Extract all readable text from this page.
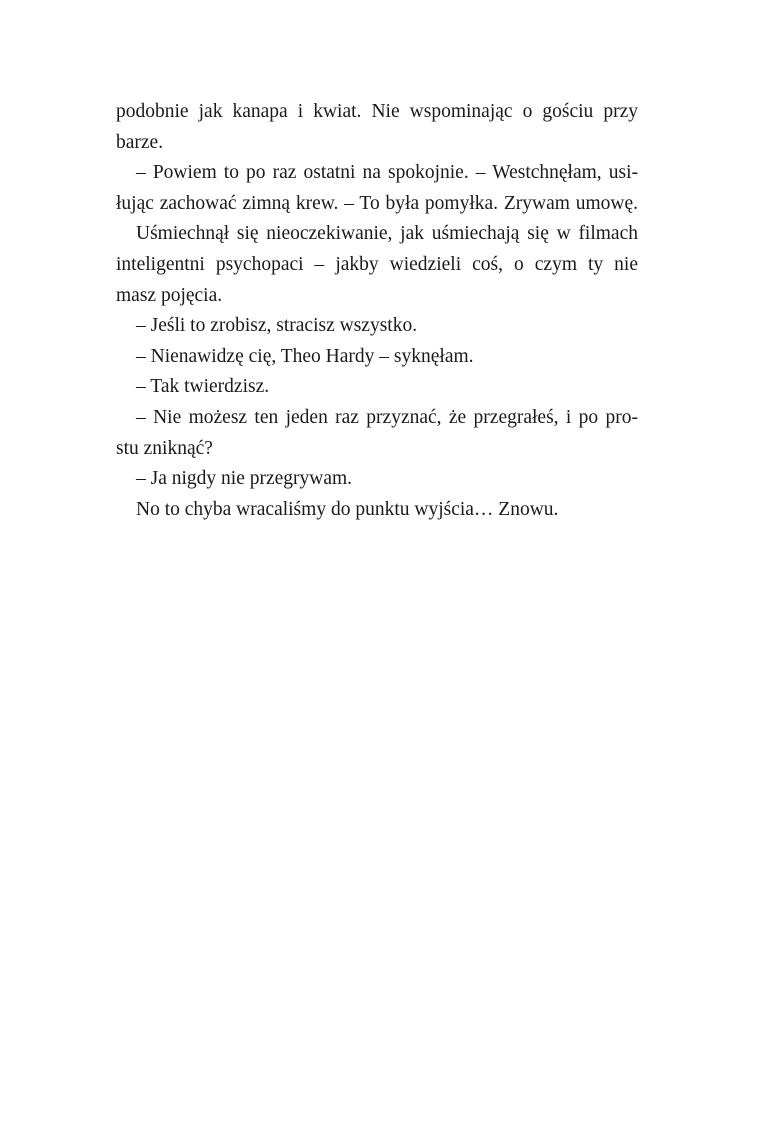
podobnie jak kanapa i kwiat. Nie wspominając o gościu przy
barze.
– Powiem to po raz ostatni na spokojnie. – Westchnęłam, usi-
łując zachować zimną krew. – To była pomyłka. Zrywam umowę.
Uśmiechnął się nieoczekiwanie, jak uśmiechają się w filmach
inteligentni psychopaci – jakby wiedzieli coś, o czym ty nie
masz pojęcia.
– Jeśli to zrobisz, stracisz wszystko.
– Nienawidzę cię, Theo Hardy – syknęłam.
– Tak twierdzisz.
– Nie możesz ten jeden raz przyznać, że przegrałeś, i po pro-
stu zniknąć?
– Ja nigdy nie przegrywam.
No to chyba wracaliśmy do punktu wyjścia… Znowu.
